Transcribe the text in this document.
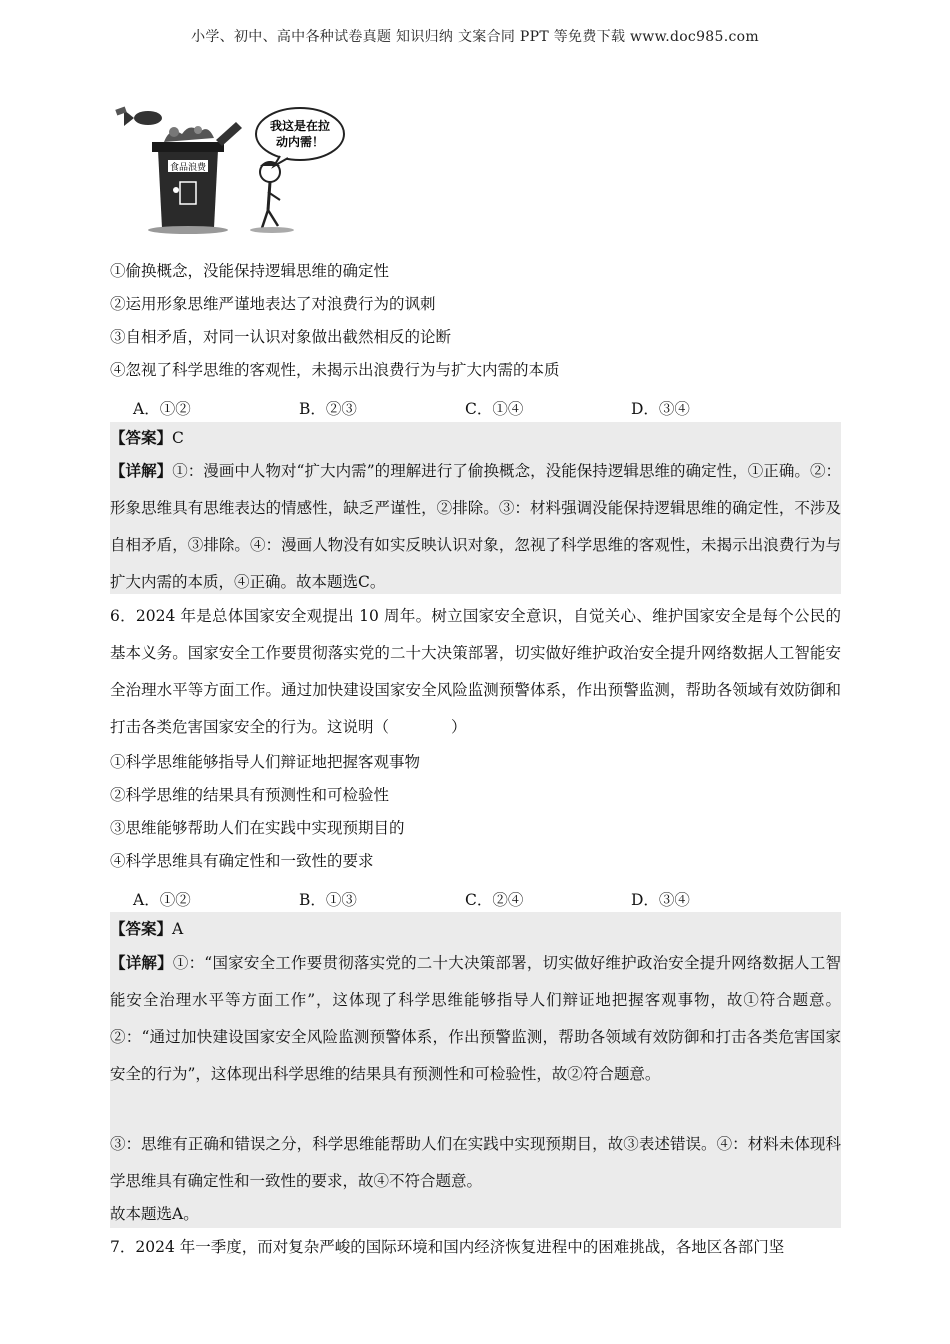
小学、初中、高中各种试卷真题 知识归纳 文案合同 PPT 等免费下载 www.doc985.com
食品浪费
我这是在拉
动内需！
①偷换概念，没能保持逻辑思维的确定性
②运用形象思维严谨地表达了对浪费行为的讽刺
③自相矛盾，对同一认识对象做出截然相反的论断
④忽视了科学思维的客观性，未揭示出浪费行为与扩大内需的本质
A．①②	B．②③	C．①④	D．③④
【答案】C
【详解】①：漫画中人物对“扩大内需”的理解进行了偷换概念，没能保持逻辑思维的确定性，①正确。②：形象思维具有思维表达的情感性，缺乏严谨性，②排除。③：材料强调没能保持逻辑思维的确定性，不涉及自相矛盾，③排除。④：漫画人物没有如实反映认识对象，忽视了科学思维的客观性，未揭示出浪费行为与扩大内需的本质，④正确。故本题选C。
6．2024 年是总体国家安全观提出 10 周年。树立国家安全意识，自觉关心、维护国家安全是每个公民的基本义务。国家安全工作要贯彻落实党的二十大决策部署，切实做好维护政治安全提升网络数据人工智能安全治理水平等方面工作。通过加快建设国家安全风险监测预警体系，作出预警监测，帮助各领域有效防御和打击各类危害国家安全的行为。这说明（　　　　）
①科学思维能够指导人们辩证地把握客观事物
②科学思维的结果具有预测性和可检验性
③思维能够帮助人们在实践中实现预期目的
④科学思维具有确定性和一致性的要求
A．①②	B．①③	C．②④	D．③④
【答案】A
【详解】①：“国家安全工作要贯彻落实党的二十大决策部署，切实做好维护政治安全提升网络数据人工智能安全治理水平等方面工作”，这体现了科学思维能够指导人们辩证地把握客观事物，故①符合题意。②：“通过加快建设国家安全风险监测预警体系，作出预警监测，帮助各领域有效防御和打击各类危害国家安全的行为”，这体现出科学思维的结果具有预测性和可检验性，故②符合题意。
③：思维有正确和错误之分，科学思维能帮助人们在实践中实现预期目，故③表述错误。④：材料未体现科学思维具有确定性和一致性的要求，故④不符合题意。
故本题选A。
7．2024 年一季度，而对复杂严峻的国际环境和国内经济恢复进程中的困难挑战，各地区各部门坚
